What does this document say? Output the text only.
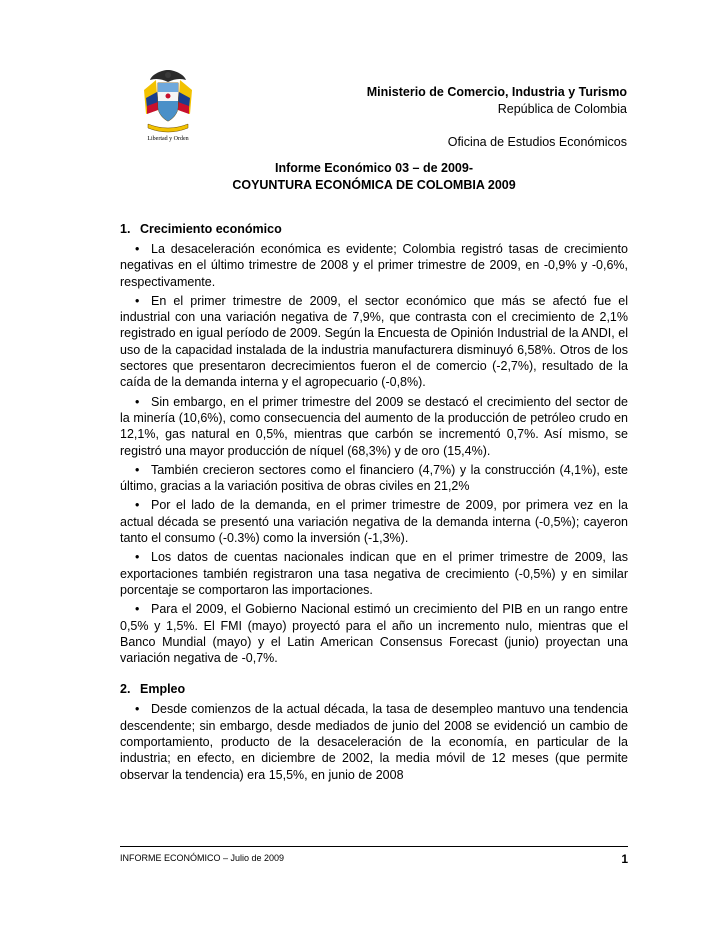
Libertad y Orden
Ministerio de Comercio, Industria y Turismo
República de Colombia
Oficina de Estudios Económicos
Informe Económico 03 – de 2009-
COYUNTURA ECONÓMICA DE COLOMBIA 2009
1. Crecimiento económico

• La desaceleración económica es evidente; Colombia registró tasas de crecimiento negativas en el último trimestre de 2008 y el primer trimestre de 2009, en -0,9% y -0,6%, respectivamente.

• En el primer trimestre de 2009, el sector económico que más se afectó fue el industrial con una variación negativa de 7,9%, que contrasta con el crecimiento de 2,1% registrado en igual período de 2009. Según la Encuesta de Opinión Industrial de la ANDI, el uso de la capacidad instalada de la industria manufacturera disminuyó 6,58%. Otros de los sectores que presentaron decrecimientos fueron el de comercio (-2,7%), resultado de la caída de la demanda interna y el agropecuario (-0,8%).

• Sin embargo, en el primer trimestre del 2009 se destacó el crecimiento del sector de la minería (10,6%), como consecuencia del aumento de la producción de petróleo crudo en 12,1%, gas natural en 0,5%, mientras que carbón se incrementó 0,7%. Así mismo, se registró una mayor producción de níquel (68,3%) y de oro (15,4%).

• También crecieron sectores como el financiero (4,7%) y la construcción (4,1%), este último, gracias a la variación positiva de obras civiles en 21,2%

• Por el lado de la demanda, en el primer trimestre de 2009, por primera vez en la actual década se presentó una variación negativa de la demanda interna (-0,5%); cayeron tanto el consumo (-0.3%) como la inversión (-1,3%).

• Los datos de cuentas nacionales indican que en el primer trimestre de 2009, las exportaciones también registraron una tasa negativa de crecimiento (-0,5%) y en similar porcentaje se comportaron las importaciones.

• Para el 2009, el Gobierno Nacional estimó un crecimiento del PIB en un rango entre 0,5% y 1,5%. El FMI (mayo) proyectó para el año un incremento nulo, mientras que el Banco Mundial (mayo) y el Latin American Consensus Forecast (junio) proyectan una variación negativa de -0,7%.

2. Empleo

• Desde comienzos de la actual década, la tasa de desempleo mantuvo una tendencia descendente; sin embargo, desde mediados de junio del 2008 se evidenció un cambio de comportamiento, producto de la desaceleración de la economía, en particular de la industria; en efecto, en diciembre de 2002, la media móvil de 12 meses (que permite observar la tendencia) era 15,5%, en junio de 2008

INFORME ECONÓMICO – Julio de 2009	1
